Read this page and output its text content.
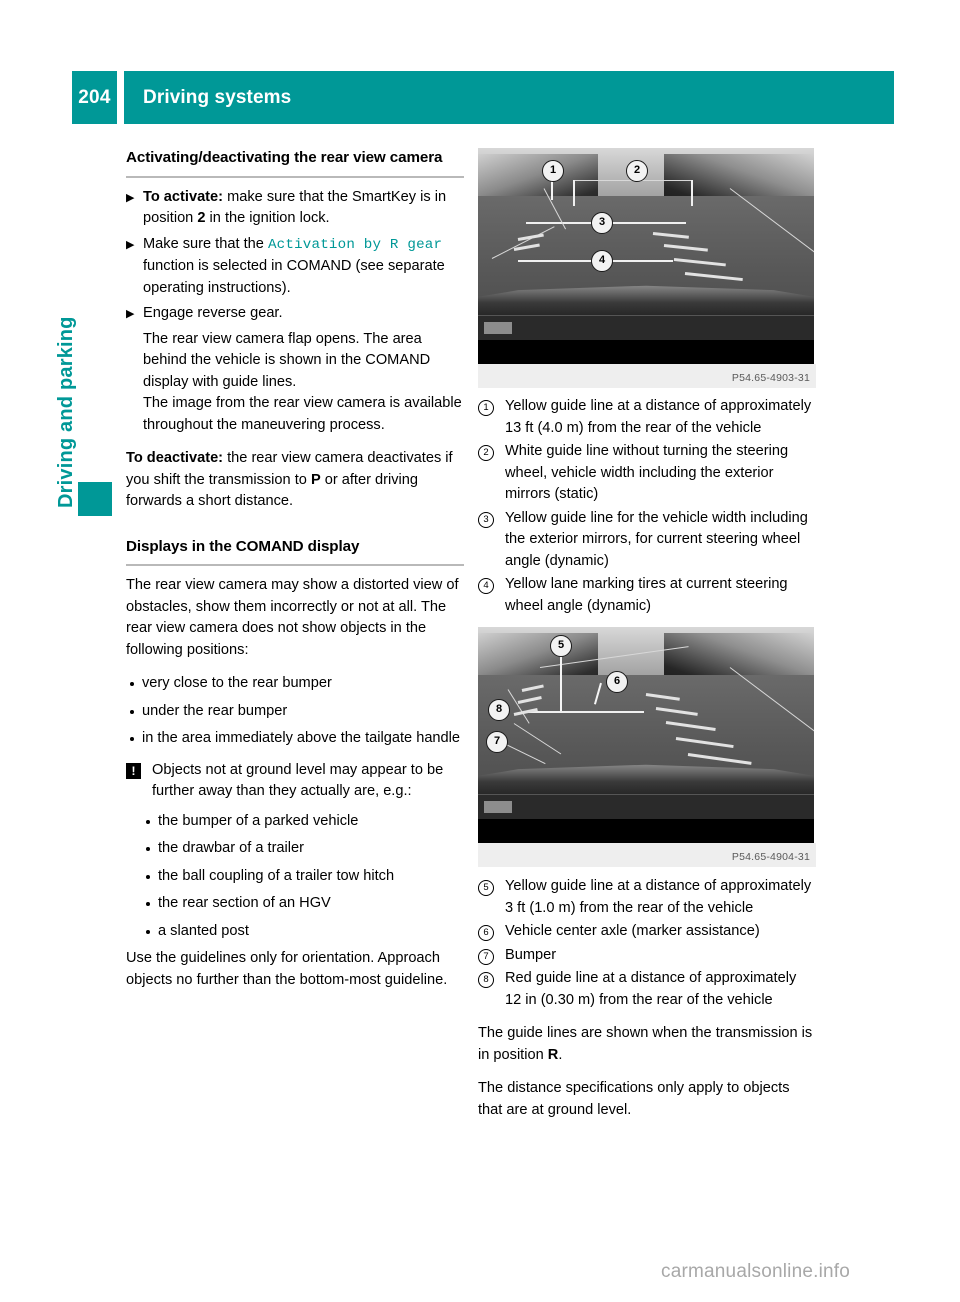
204	Driving systems
Driving and parking
Activating/deactivating the rear view camera
▶ To activate: make sure that the SmartKey is in position 2 in the ignition lock.
▶ Make sure that the Activation by R gear function is selected in COMAND (see separate operating instructions).
▶ Engage reverse gear.
The rear view camera flap opens. The area behind the vehicle is shown in the COMAND display with guide lines.
The image from the rear view camera is available throughout the maneuvering process.
To deactivate: the rear view camera deactivates if you shift the transmission to P or after driving forwards a short distance.
Displays in the COMAND display
The rear view camera may show a distorted view of obstacles, show them incorrectly or not at all. The rear view camera does not show objects in the following positions:
very close to the rear bumper
under the rear bumper
in the area immediately above the tailgate handle
!	Objects not at ground level may appear to be further away than they actually are, e.g.:
the bumper of a parked vehicle
the drawbar of a trailer
the ball coupling of a trailer tow hitch
the rear section of an HGV
a slanted post
Use the guidelines only for orientation. Approach objects no further than the bottom-most guideline.
1	2
3
4
P54.65-4903-31
1	Yellow guide line at a distance of approximately 13 ft (4.0 m) from the rear of the vehicle
2	White guide line without turning the steering wheel, vehicle width including the exterior mirrors (static)
3	Yellow guide line for the vehicle width including the exterior mirrors, for current steering wheel angle (dynamic)
4	Yellow lane marking tires at current steering wheel angle (dynamic)
5
6
7
8
P54.65-4904-31
5	Yellow guide line at a distance of approximately 3 ft (1.0 m) from the rear of the vehicle
6	Vehicle center axle (marker assistance)
7	Bumper
8	Red guide line at a distance of approximately 12 in (0.30 m) from the rear of the vehicle
The guide lines are shown when the transmission is in position R.
The distance specifications only apply to objects that are at ground level.
carmanualsonline.info
